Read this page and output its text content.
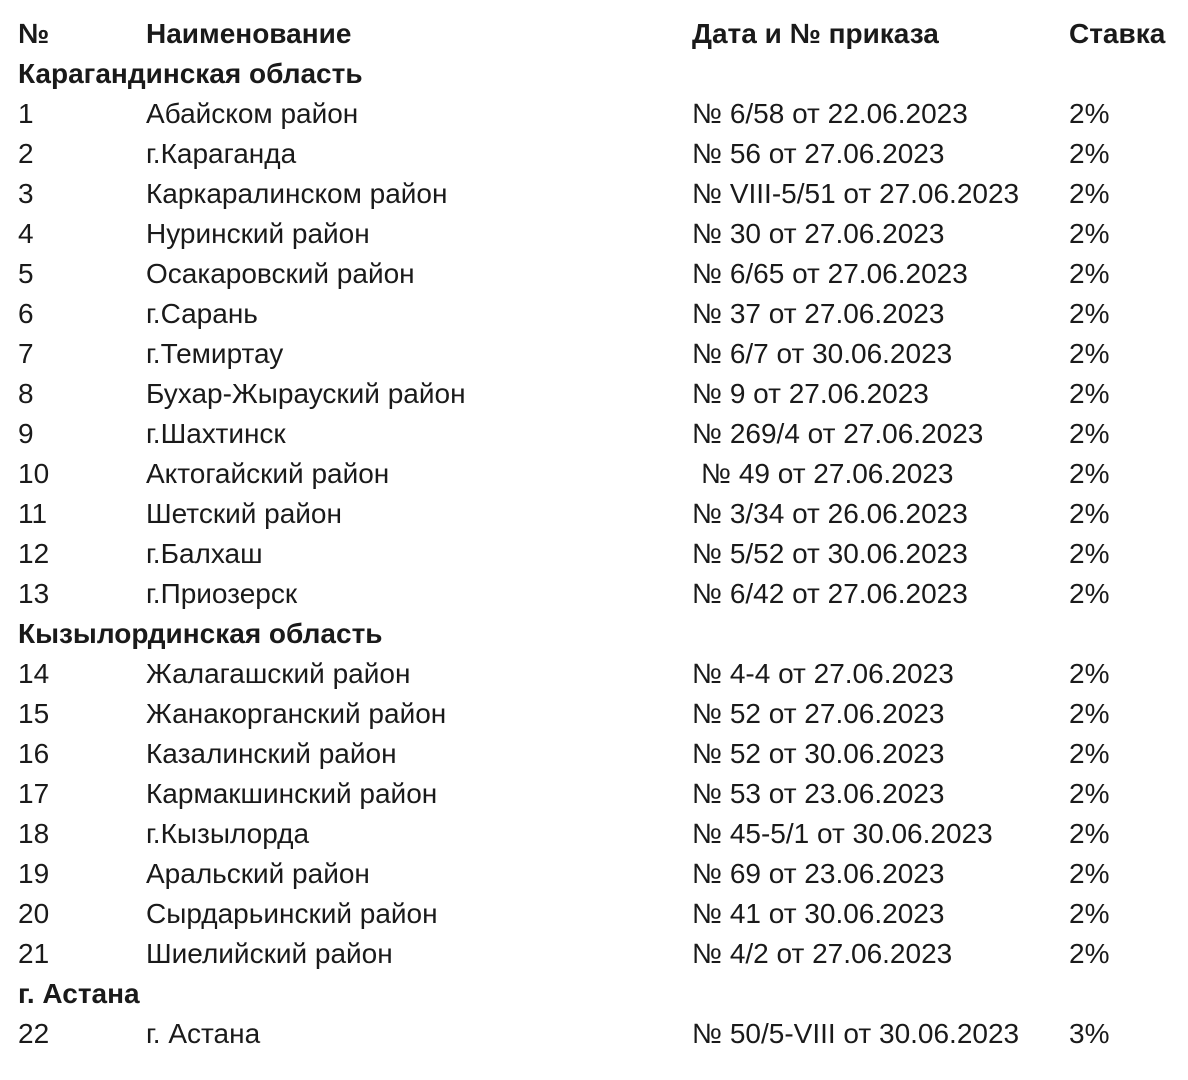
№	Наименование	Дата и № приказа	Ставка
Карагандинская область
1	Абайском район	№ 6/58 от 22.06.2023	2%
2	г.Караганда	№ 56 от 27.06.2023	2%
3	Каркаралинском район	№ VIII-5/51 от 27.06.2023 2%
4	Нуринский район	№ 30 от 27.06.2023	2%
5	Осакаровский район	№ 6/65 от 27.06.2023	2%
6	г.Сарань	№ 37 от 27.06.2023	2%
7	г.Темиртау	№ 6/7 от 30.06.2023	2%
8	Бухар-Жырауский район	№ 9 от 27.06.2023	2%
9	г.Шахтинск	№ 269/4 от 27.06.2023	2%
10	Актогайский район	№ 49 от 27.06.2023	2%
11	Шетский район	№ 3/34 от 26.06.2023	2%
12	г.Балхаш	№ 5/52 от 30.06.2023	2%
13	г.Приозерск	№ 6/42 от 27.06.2023	2%
Кызылординская область
14	Жалагашский район	№ 4-4 от 27.06.2023	2%
15	Жанакорганский район	№ 52 от 27.06.2023	2%
16	Казалинский район	№ 52 от 30.06.2023	2%
17	Кармакшинский район	№ 53 от 23.06.2023	2%
18	г.Кызылорда	№ 45-5/1 от 30.06.2023	2%
19	Аральский район	№ 69 от 23.06.2023	2%
20	Сырдарьинский район	№ 41 от 30.06.2023	2%
21	Шиелийский район	№ 4/2 от 27.06.2023	2%
г. Астана
22	г. Астана	№ 50/5-VIII от 30.06.2023 3%
